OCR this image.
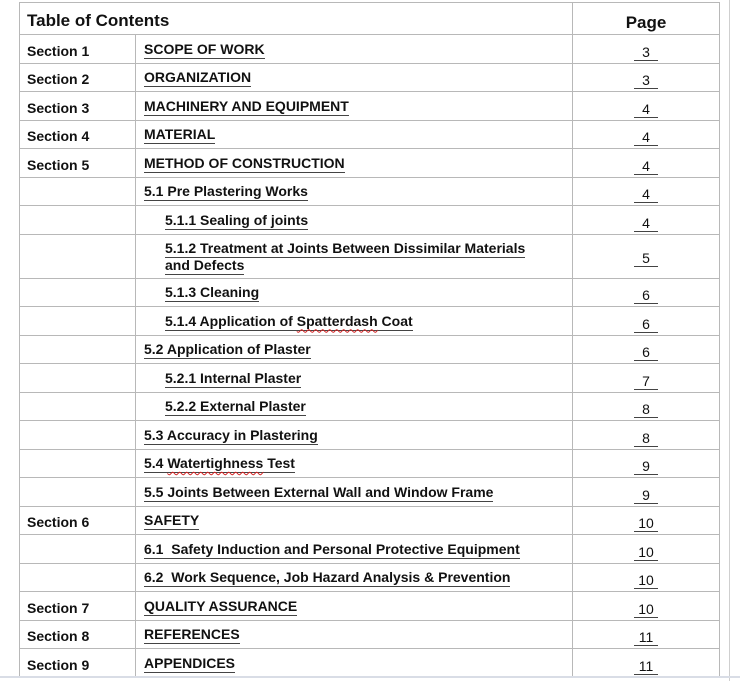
Table of Contents		Page
Section 1	SCOPE OF WORK	3
Section 2	ORGANIZATION	3
Section 3	MACHINERY AND EQUIPMENT	4
Section 4	MATERIAL	4
Section 5	METHOD OF CONSTRUCTION	4
	5.1 Pre Plastering Works	4
	5.1.1 Sealing of joints	4
	5.1.2 Treatment at Joints Between Dissimilar Materials and Defects	5
	5.1.3 Cleaning	6
	5.1.4 Application of Spatterdash Coat	6
	5.2 Application of Plaster	6
	5.2.1 Internal Plaster	7
	5.2.2 External Plaster	8
	5.3 Accuracy in Plastering	8
	5.4 Watertighness Test	9
	5.5 Joints Between External Wall and Window Frame	9
Section 6	SAFETY	10
	6.1  Safety Induction and Personal Protective Equipment	10
	6.2  Work Sequence, Job Hazard Analysis & Prevention	10
Section 7	QUALITY ASSURANCE	10
Section 8	REFERENCES	11
Section 9	APPENDICES	11
